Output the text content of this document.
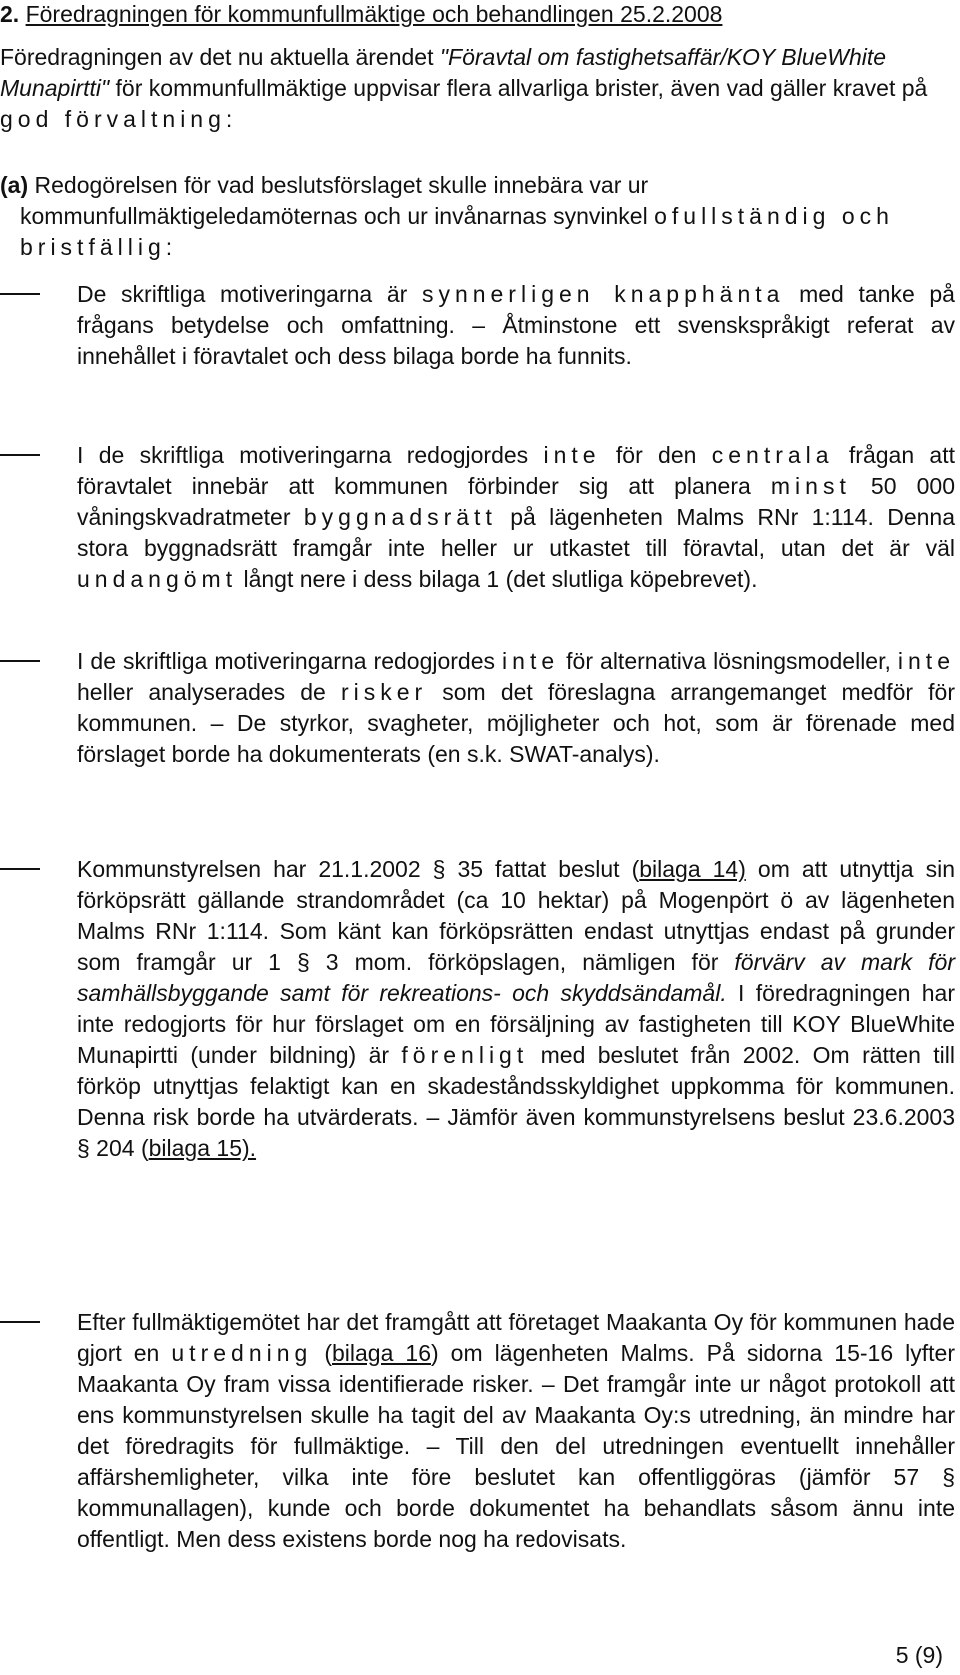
2. Föredragningen för kommunfullmäktige och behandlingen 25.2.2008

Föredragningen av det nu aktuella ärendet "Föravtal om fastighetsaffär/KOY BlueWhite Munapirtti" för kommunfullmäktige uppvisar flera allvarliga brister, även vad gäller kravet på god förvaltning:

(a) Redogörelsen för vad beslutsförslaget skulle innebära var ur kommunfullmäktigeledamöternas och ur invånarnas synvinkel ofullständig och bristfällig:

De skriftliga motiveringarna är synnerligen knapphänta med tanke på frågans betydelse och omfattning. – Åtminstone ett svenskspråkigt referat av innehållet i föravtalet och dess bilaga borde ha funnits.

I de skriftliga motiveringarna redogjordes inte för den centrala frågan att föravtalet innebär att kommunen förbinder sig att planera minst 50 000 våningskvadratmeter byggnadsrätt på lägenheten Malms RNr 1:114. Denna stora byggnadsrätt framgår inte heller ur utkastet till föravtal, utan det är väl undangömt långt nere i dess bilaga 1 (det slutliga köpebrevet).

I de skriftliga motiveringarna redogjordes inte för alternativa lösningsmodeller, inte heller analyserades de risker som det föreslagna arrangemanget medför för kommunen. – De styrkor, svagheter, möjligheter och hot, som är förenade med förslaget borde ha dokumenterats (en s.k. SWAT-analys).

Kommunstyrelsen har 21.1.2002 § 35 fattat beslut (bilaga 14) om att utnyttja sin förköpsrätt gällande strandområdet (ca 10 hektar) på Mogenpört ö av lägenheten Malms RNr 1:114. Som känt kan förköpsrätten endast utnyttjas endast på grunder som framgår ur 1 § 3 mom. förköpslagen, nämligen för förvärv av mark för samhällsbyggande samt för rekreations- och skyddsändamål. I föredragningen har inte redogjorts för hur förslaget om en försäljning av fastigheten till KOY BlueWhite Munapirtti (under bildning) är förenligt med beslutet från 2002. Om rätten till förköp utnyttjas felaktigt kan en skadeståndsskyldighet uppkomma för kommunen. Denna risk borde ha utvärderats. – Jämför även kommunstyrelsens beslut 23.6.2003 § 204 (bilaga 15).

Efter fullmäktigemötet har det framgått att företaget Maakanta Oy för kommunen hade gjort en utredning (bilaga 16) om lägenheten Malms. På sidorna 15-16 lyfter Maakanta Oy fram vissa identifierade risker. – Det framgår inte ur något protokoll att ens kommunstyrelsen skulle ha tagit del av Maakanta Oy:s utredning, än mindre har det föredragits för fullmäktige. – Till den del utredningen eventuellt innehåller affärshemligheter, vilka inte före beslutet kan offentliggöras (jämför 57 § kommunallagen), kunde och borde dokumentet ha behandlats såsom ännu inte offentligt. Men dess existens borde nog ha redovisats.

5 (9)
